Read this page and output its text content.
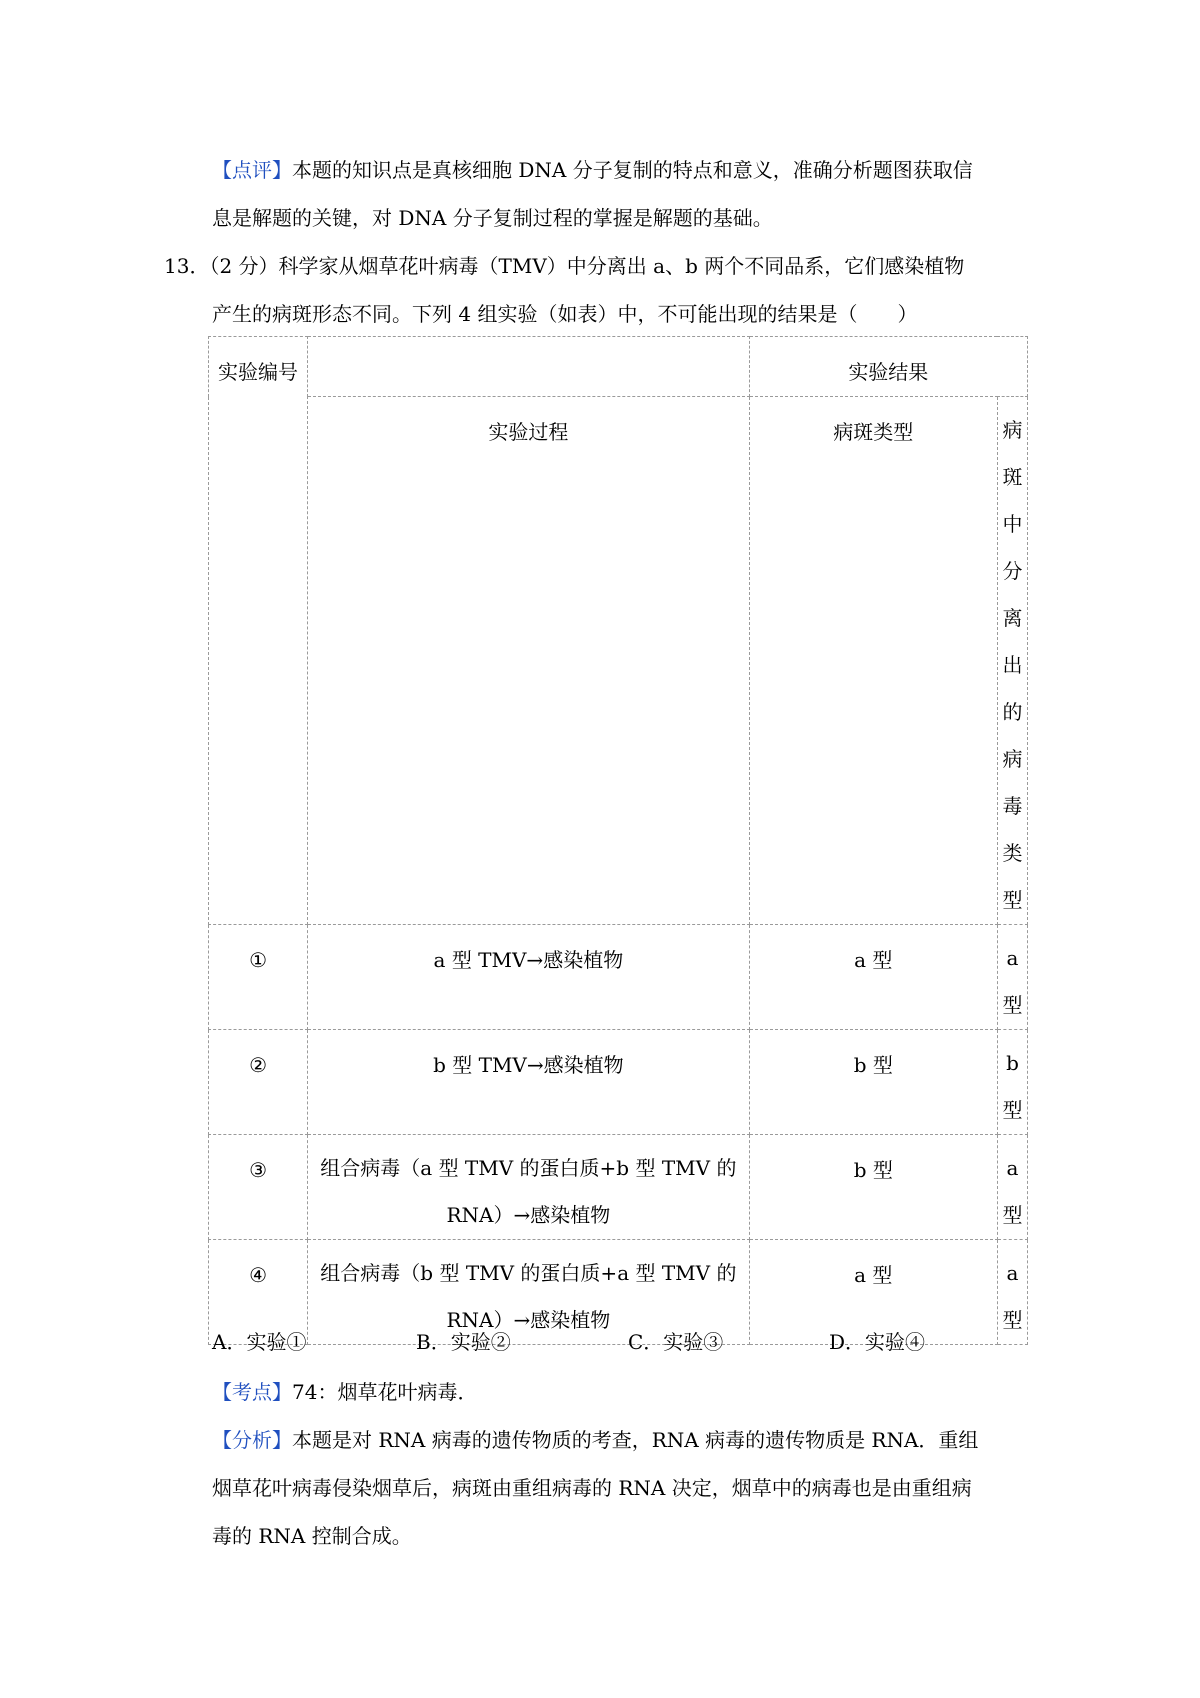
【点评】本题的知识点是真核细胞 DNA 分子复制的特点和意义，准确分析题图获取信
息是解题的关键，对 DNA 分子复制过程的掌握是解题的基础。
13．（2 分）科学家从烟草花叶病毒（TMV）中分离出 a、b 两个不同品系，它们感染植物
产生的病斑形态不同。下列 4 组实验（如表）中，不可能出现的结果是（　　）
实验编号		实验结果	

	实验过程	病斑类型	病斑中分离出的病毒类型

①	a 型 TMV→感染植物	a 型	a 型

②	b 型 TMV→感染植物	b 型	b 型

③	组合病毒（a 型 TMV 的蛋白质+b 型 TMV 的 RNA）→感染植物	b 型	a 型

④	组合病毒（b 型 TMV 的蛋白质+a 型 TMV 的 RNA）→感染植物	a 型	a 型
A．实验①	B．实验②	C．实验③	D．实验④
【考点】74：烟草花叶病毒．
【分析】本题是对 RNA 病毒的遗传物质的考查，RNA 病毒的遗传物质是 RNA．重组
烟草花叶病毒侵染烟草后，病斑由重组病毒的 RNA 决定，烟草中的病毒也是由重组病
毒的 RNA 控制合成。
